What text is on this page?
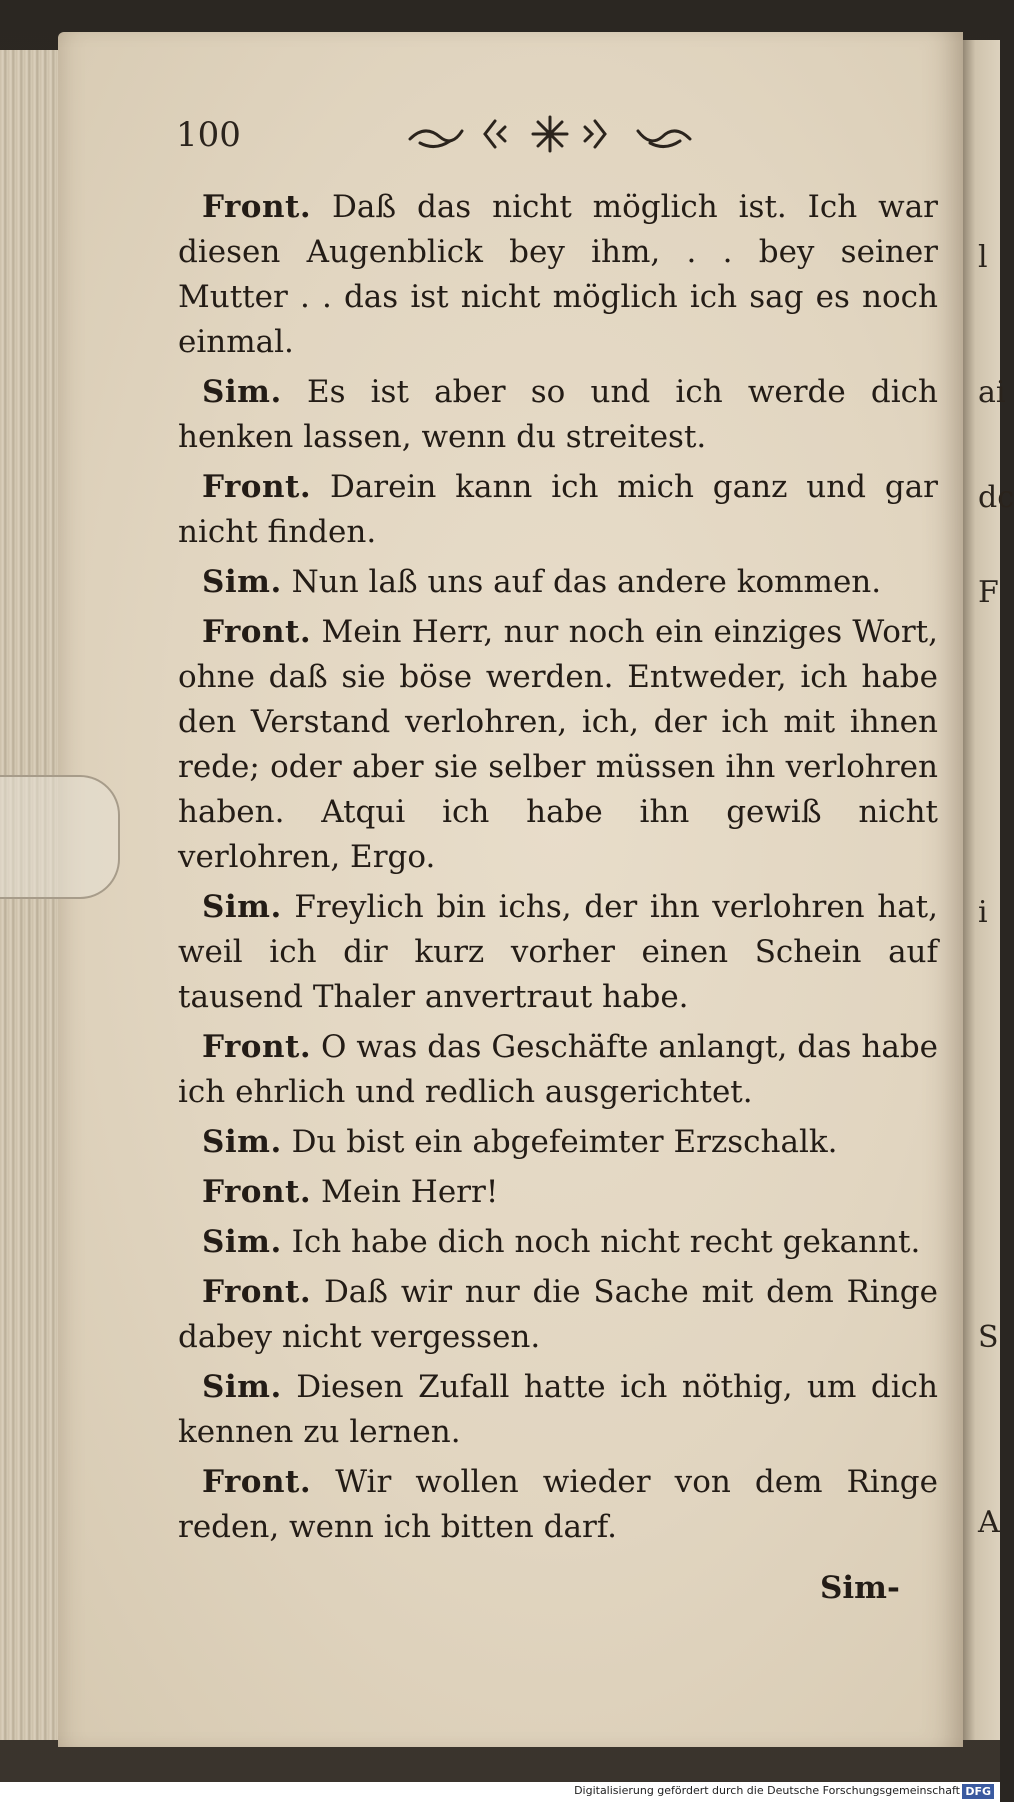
l
ai
dc
F
i
S
A
100

Front. Daß das nicht möglich ist. Ich war diesen Augenblick bey ihm, . . bey seiner Mutter . . das ist nicht möglich ich sag es noch einmal.

Sim. Es ist aber so und ich werde dich henken lassen, wenn du streitest.

Front. Darein kann ich mich ganz und gar nicht finden.

Sim. Nun laß uns auf das andere kommen.

Front. Mein Herr, nur noch ein einziges Wort, ohne daß sie böse werden. Entweder, ich habe den Verstand verlohren, ich, der ich mit ihnen rede; oder aber sie selber müssen ihn verlohren haben. Atqui ich habe ihn gewiß nicht verlohren, Ergo.

Sim. Freylich bin ichs, der ihn verlohren hat, weil ich dir kurz vorher einen Schein auf tausend Thaler anvertraut habe.

Front. O was das Geschäfte anlangt, das habe ich ehrlich und redlich ausgerichtet.

Sim. Du bist ein abgefeimter Erzschalk.

Front. Mein Herr!

Sim. Ich habe dich noch nicht recht gekannt.

Front. Daß wir nur die Sache mit dem Ringe dabey nicht vergessen.

Sim. Diesen Zufall hatte ich nöthig, um dich kennen zu lernen.

Front. Wir wollen wieder von dem Ringe reden, wenn ich bitten darf.

Sim-
Digitalisierung gefördert durch die Deutsche Forschungsgemeinschaft DFG
